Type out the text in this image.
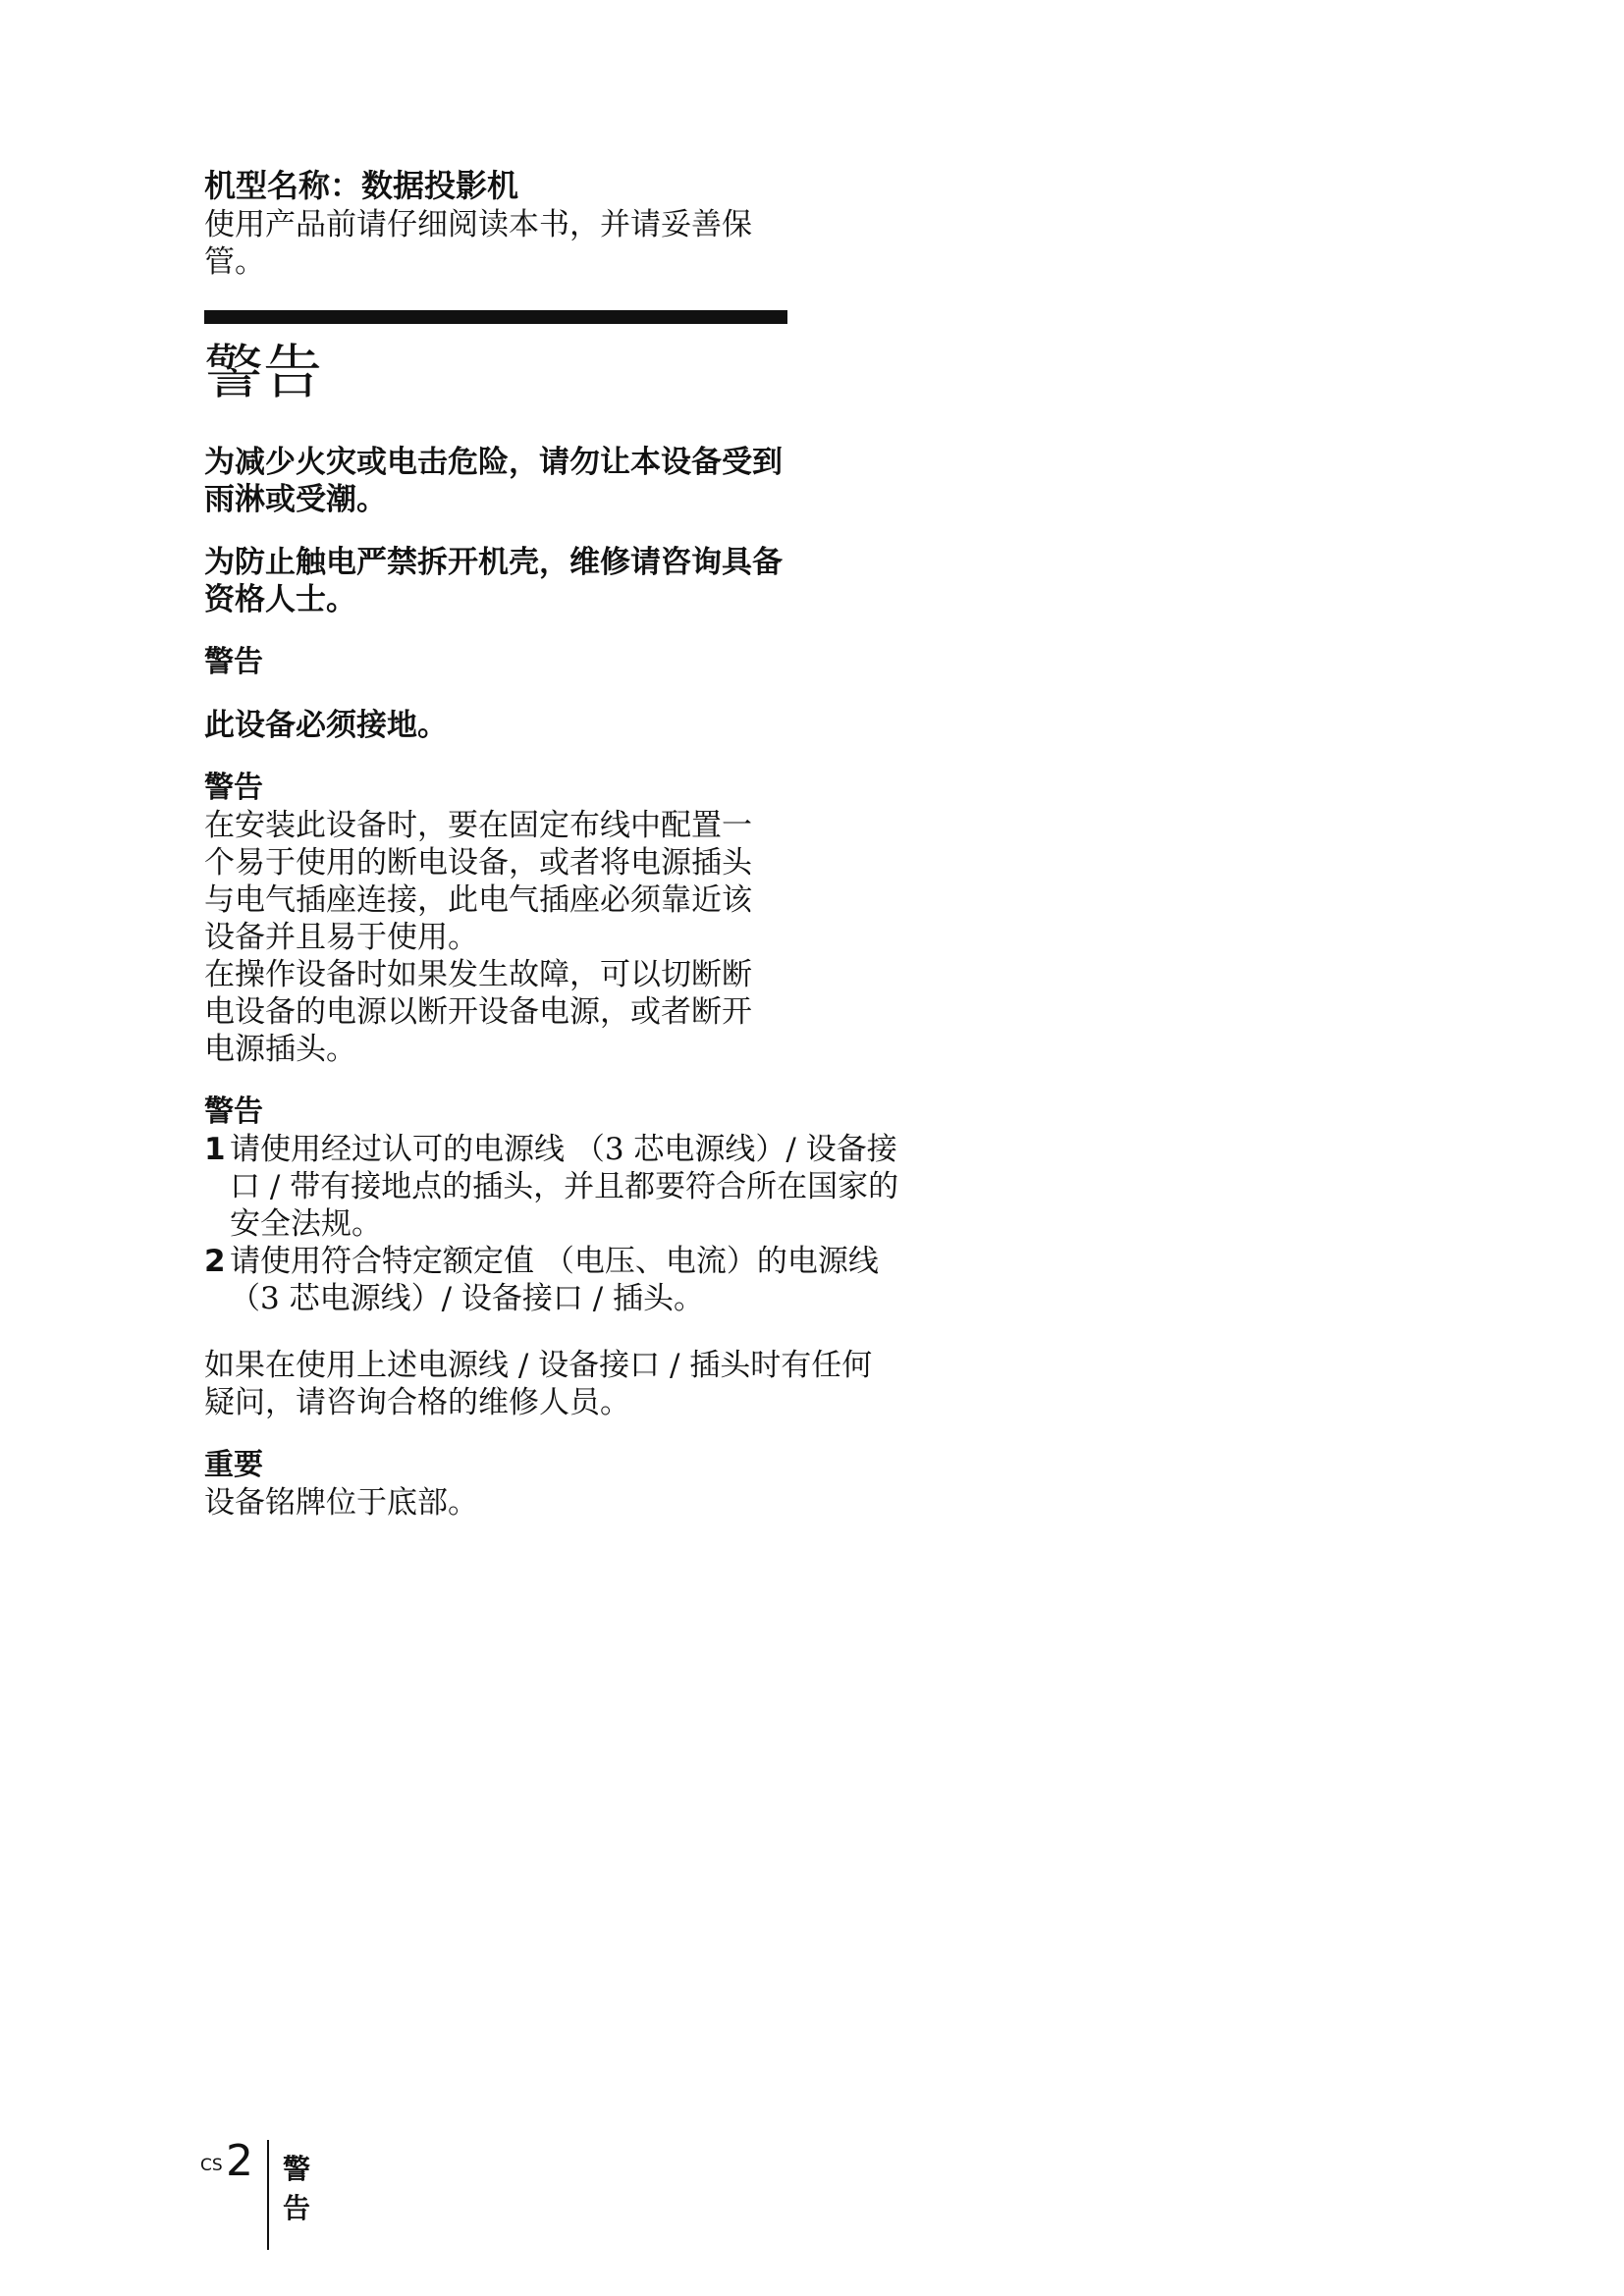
机型名称：数据投影机

使用产品前请仔细阅读本书，并请妥善保管。

警告

为减少火灾或电击危险，请勿让本设备受到雨淋或受潮。

为防止触电严禁拆开机壳，维修请咨询具备资格人士。

警告

此设备必须接地。

警告

在安装此设备时，要在固定布线中配置一个易于使用的断电设备，或者将电源插头与电气插座连接，此电气插座必须靠近该设备并且易于使用。

在操作设备时如果发生故障，可以切断断电设备的电源以断开设备电源，或者断开电源插头。

警告

1 请使用经过认可的电源线 （3 芯电源线）/ 设备接口 / 带有接地点的插头，并且都要符合所在国家的安全法规。
2 请使用符合特定额定值 （电压、电流）的电源线（3 芯电源线）/ 设备接口 / 插头。

如果在使用上述电源线 / 设备接口 / 插头时有任何疑问，请咨询合格的维修人员。

重要

设备铭牌位于底部。

CS 2 警告
